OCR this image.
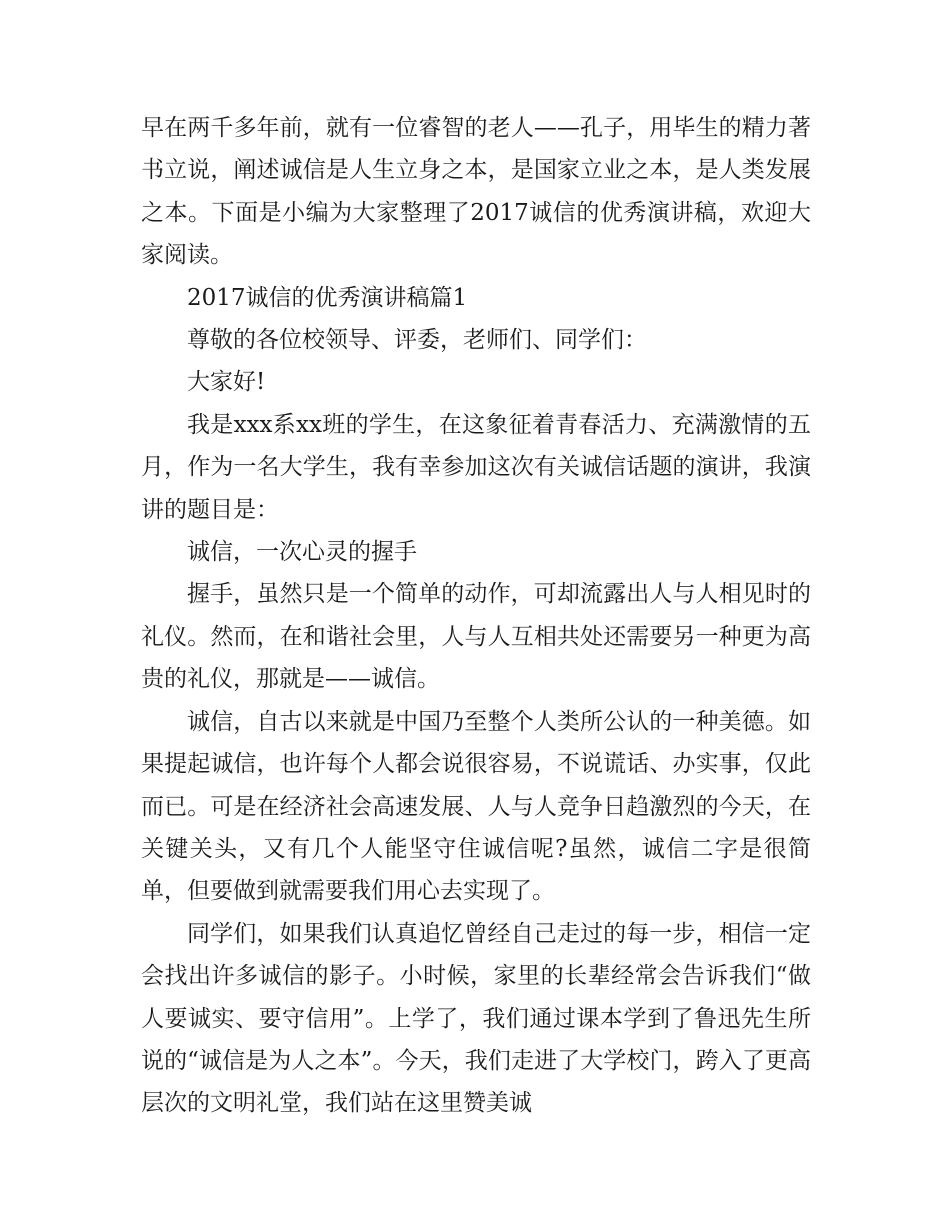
早在两千多年前，就有一位睿智的老人——孔子，用毕生的精力著书立说，阐述诚信是人生立身之本，是国家立业之本，是人类发展之本。下面是小编为大家整理了2017诚信的优秀演讲稿，欢迎大家阅读。

2017诚信的优秀演讲稿篇1

尊敬的各位校领导、评委，老师们、同学们：

大家好!

我是xxx系xx班的学生，在这象征着青春活力、充满激情的五月，作为一名大学生，我有幸参加这次有关诚信话题的演讲，我演讲的题目是：

诚信，一次心灵的握手

握手，虽然只是一个简单的动作，可却流露出人与人相见时的礼仪。然而，在和谐社会里，人与人互相共处还需要另一种更为高贵的礼仪，那就是——诚信。

诚信，自古以来就是中国乃至整个人类所公认的一种美德。如果提起诚信，也许每个人都会说很容易，不说谎话、办实事，仅此而已。可是在经济社会高速发展、人与人竞争日趋激烈的今天，在关键关头，又有几个人能坚守住诚信呢?虽然，诚信二字是很简单，但要做到就需要我们用心去实现了。

同学们，如果我们认真追忆曾经自己走过的每一步，相信一定会找出许多诚信的影子。小时候，家里的长辈经常会告诉我们“做人要诚实、要守信用”。上学了，我们通过课本学到了鲁迅先生所说的“诚信是为人之本”。今天，我们走进了大学校门，跨入了更高层次的文明礼堂，我们站在这里赞美诚
